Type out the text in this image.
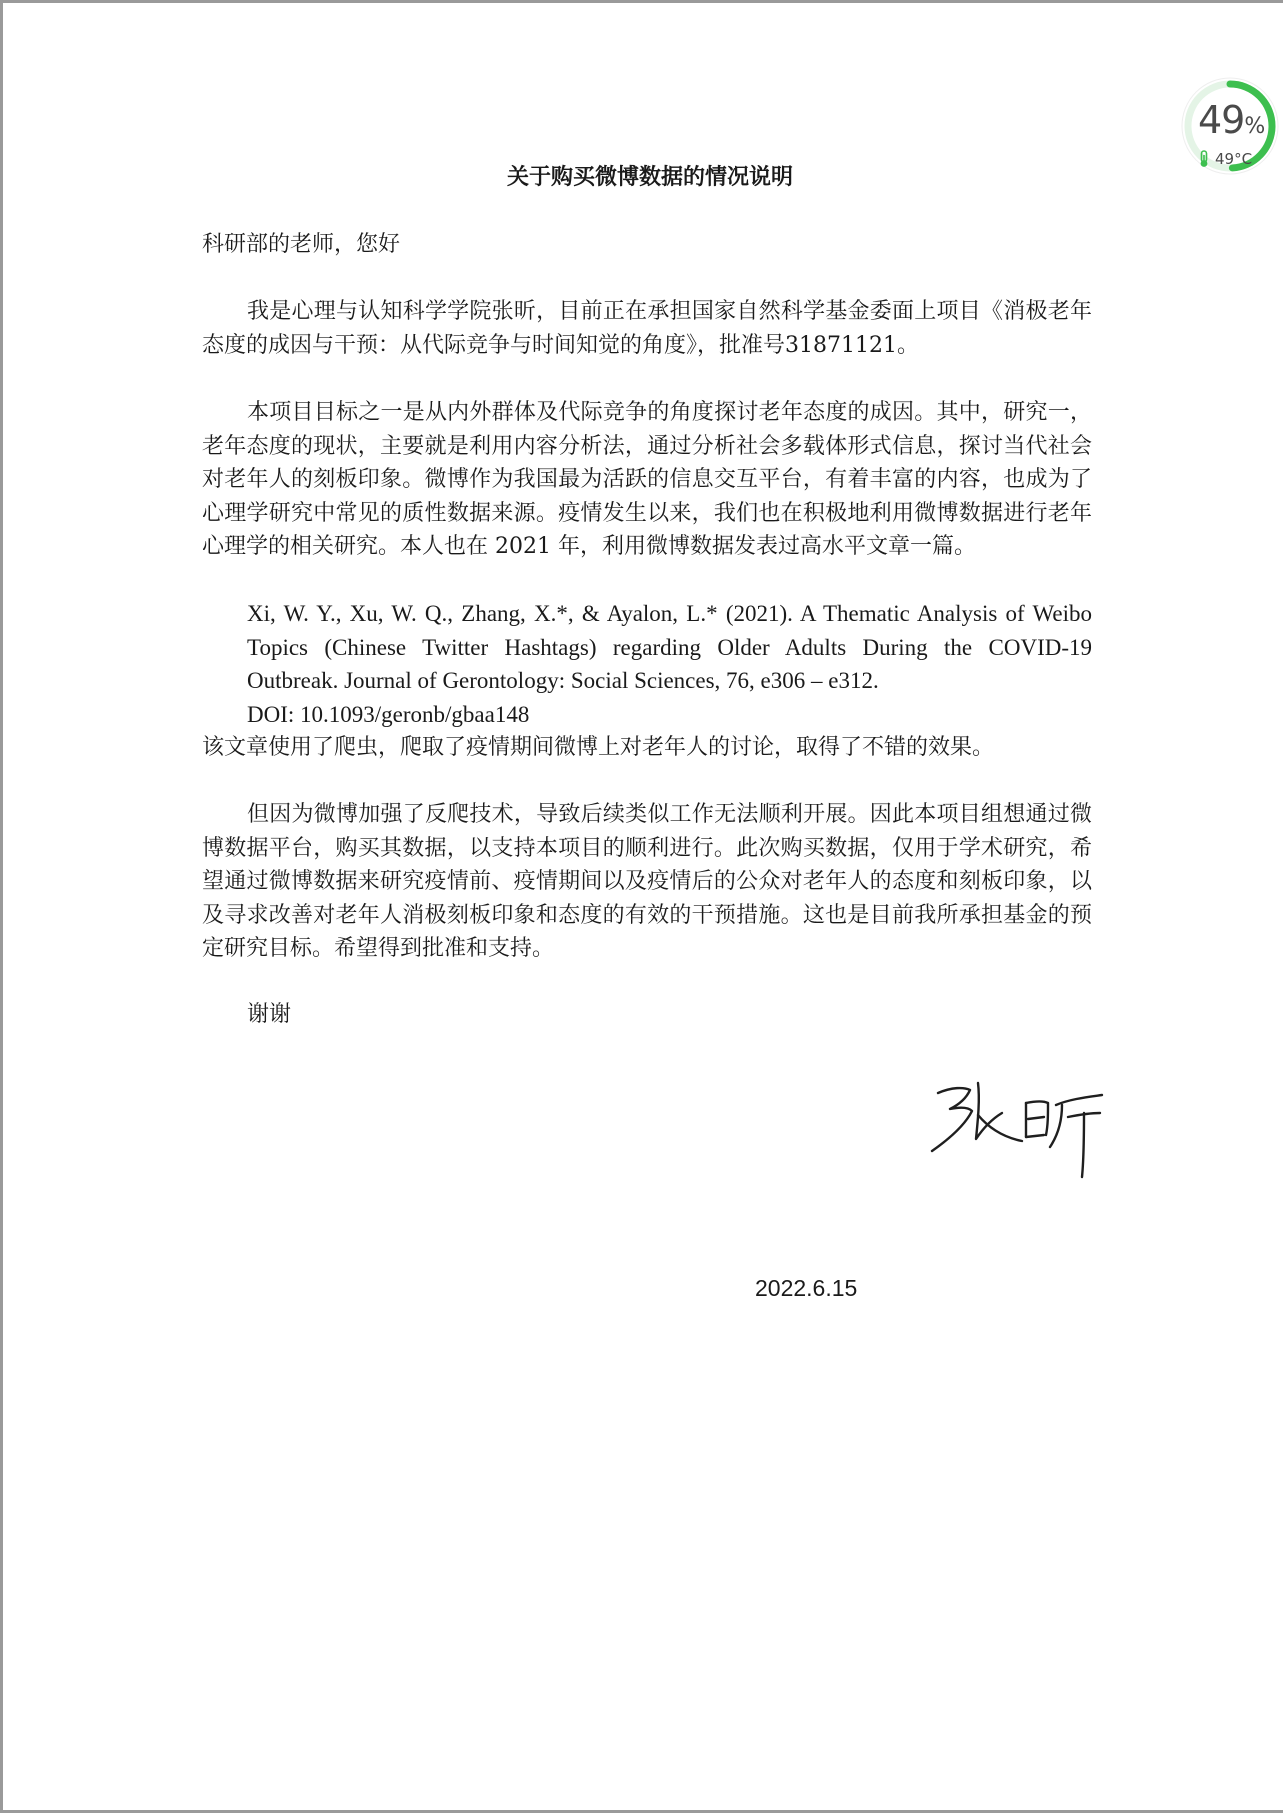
关于购买微博数据的情况说明
科研部的老师，您好
我是心理与认知科学学院张昕，目前正在承担国家自然科学基金委面上项目《消极老年态度的成因与干预：从代际竞争与时间知觉的角度》，批准号31871121。
本项目目标之一是从内外群体及代际竞争的角度探讨老年态度的成因。其中，研究一，老年态度的现状，主要就是利用内容分析法，通过分析社会多载体形式信息，探讨当代社会对老年人的刻板印象。微博作为我国最为活跃的信息交互平台，有着丰富的内容，也成为了心理学研究中常见的质性数据来源。疫情发生以来，我们也在积极地利用微博数据进行老年心理学的相关研究。本人也在 2021 年，利用微博数据发表过高水平文章一篇。
Xi, W. Y., Xu, W. Q., Zhang, X.*, & Ayalon, L.* (2021). A Thematic Analysis of Weibo Topics (Chinese Twitter Hashtags) regarding Older Adults During the COVID-19 Outbreak. Journal of Gerontology: Social Sciences, 76, e306 – e312.
DOI: 10.1093/geronb/gbaa148
该文章使用了爬虫，爬取了疫情期间微博上对老年人的讨论，取得了不错的效果。
但因为微博加强了反爬技术，导致后续类似工作无法顺利开展。因此本项目组想通过微博数据平台，购买其数据，以支持本项目的顺利进行。此次购买数据，仅用于学术研究，希望通过微博数据来研究疫情前、疫情期间以及疫情后的公众对老年人的态度和刻板印象，以及寻求改善对老年人消极刻板印象和态度的有效的干预措施。这也是目前我所承担基金的预定研究目标。希望得到批准和支持。
谢谢
2022.6.15
49%
49°C
